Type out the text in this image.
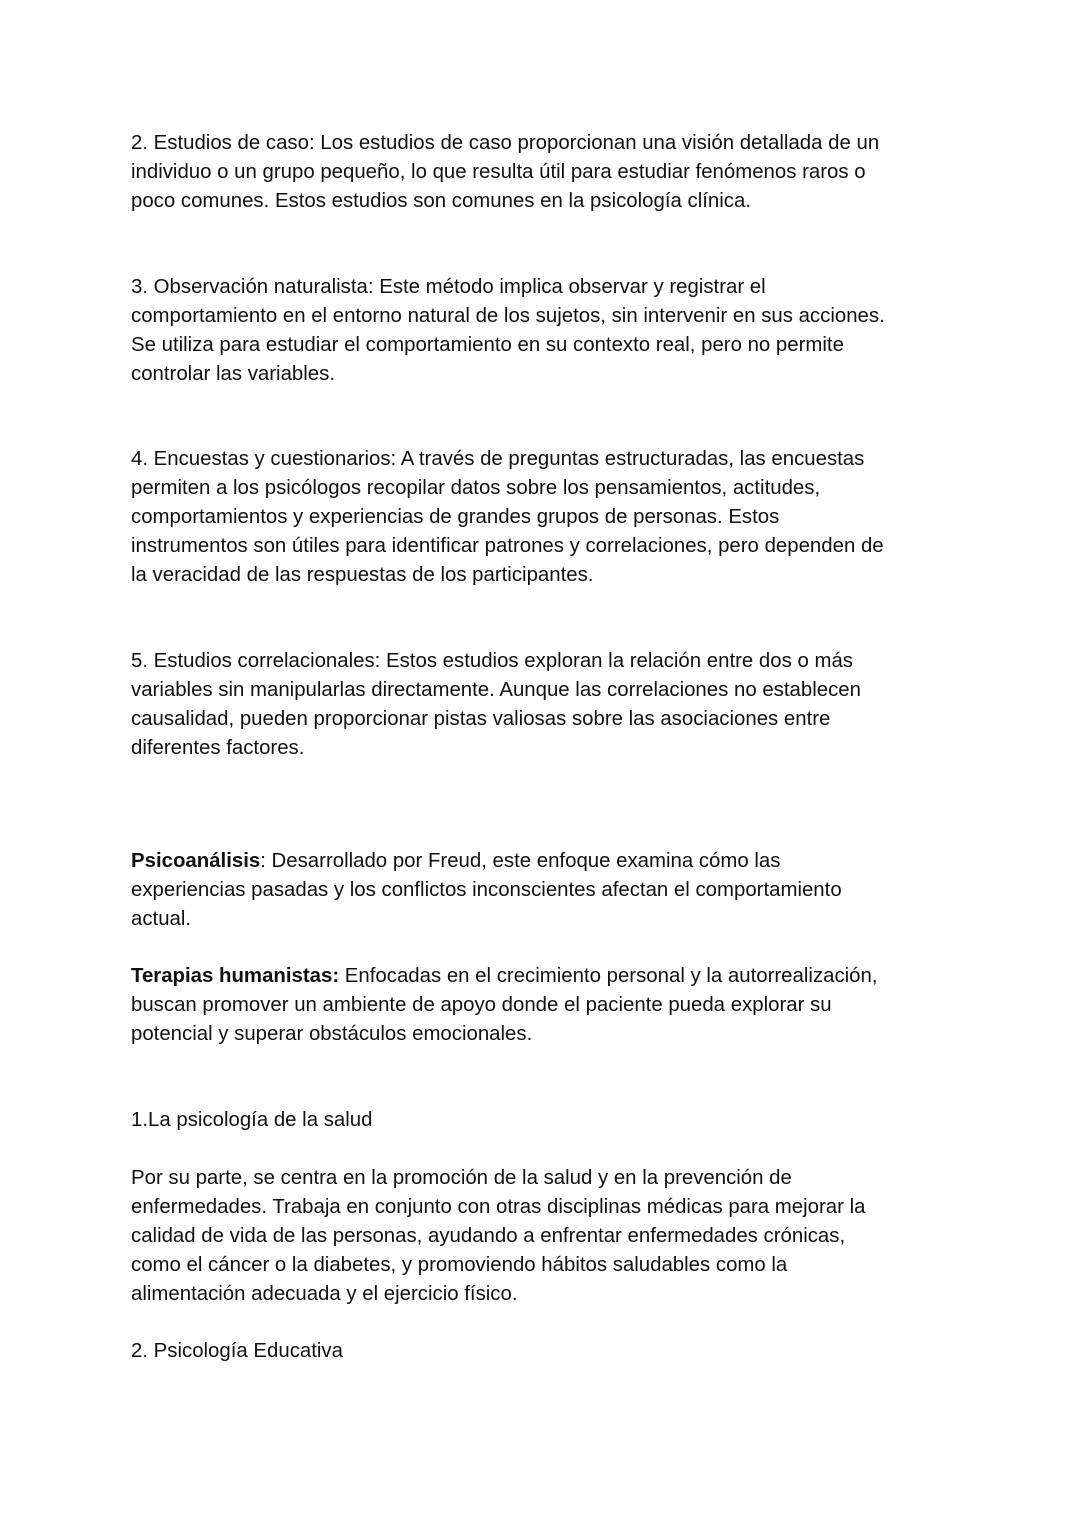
2. Estudios de caso: Los estudios de caso proporcionan una visión detallada de un
individuo o un grupo pequeño, lo que resulta útil para estudiar fenómenos raros o
poco comunes. Estos estudios son comunes en la psicología clínica.

3. Observación naturalista: Este método implica observar y registrar el
comportamiento en el entorno natural de los sujetos, sin intervenir en sus acciones.
Se utiliza para estudiar el comportamiento en su contexto real, pero no permite
controlar las variables.

4. Encuestas y cuestionarios: A través de preguntas estructuradas, las encuestas
permiten a los psicólogos recopilar datos sobre los pensamientos, actitudes,
comportamientos y experiencias de grandes grupos de personas. Estos
instrumentos son útiles para identificar patrones y correlaciones, pero dependen de
la veracidad de las respuestas de los participantes.

5. Estudios correlacionales: Estos estudios exploran la relación entre dos o más
variables sin manipularlas directamente. Aunque las correlaciones no establecen
causalidad, pueden proporcionar pistas valiosas sobre las asociaciones entre
diferentes factores.

Psicoanálisis: Desarrollado por Freud, este enfoque examina cómo las
experiencias pasadas y los conflictos inconscientes afectan el comportamiento
actual.

Terapias humanistas: Enfocadas en el crecimiento personal y la autorrealización,
buscan promover un ambiente de apoyo donde el paciente pueda explorar su
potencial y superar obstáculos emocionales.

1.La psicología de la salud

Por su parte, se centra en la promoción de la salud y en la prevención de
enfermedades. Trabaja en conjunto con otras disciplinas médicas para mejorar la
calidad de vida de las personas, ayudando a enfrentar enfermedades crónicas,
como el cáncer o la diabetes, y promoviendo hábitos saludables como la
alimentación adecuada y el ejercicio físico.

2. Psicología Educativa
